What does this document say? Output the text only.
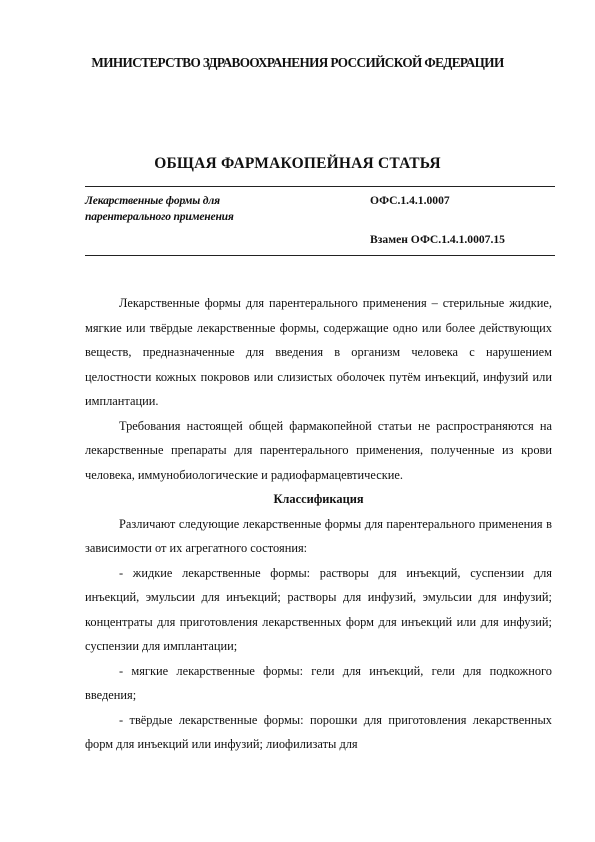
МИНИСТЕРСТВО ЗДРАВООХРАНЕНИЯ РОССИЙСКОЙ ФЕДЕРАЦИИ
ОБЩАЯ ФАРМАКОПЕЙНАЯ СТАТЬЯ
Лекарственные формы для
парентерального применения
ОФС.1.4.1.0007
Взамен ОФС.1.4.1.0007.15

Лекарственные формы для парентерального применения – стерильные жидкие, мягкие или твёрдые лекарственные формы, содержащие одно или более действующих веществ, предназначенные для введения в организм человека с нарушением целостности кожных покровов или слизистых оболочек путём инъекций, инфузий или имплантации.

Требования настоящей общей фармакопейной статьи не распространяются на лекарственные препараты для парентерального применения, полученные из крови человека, иммунобиологические и радиофармацевтические.

Классификация

Различают следующие лекарственные формы для парентерального применения в зависимости от их агрегатного состояния:

- жидкие лекарственные формы: растворы для инъекций, суспензии для инъекций, эмульсии для инъекций; растворы для инфузий, эмульсии для инфузий; концентраты для приготовления лекарственных форм для инъекций или для инфузий; суспензии для имплантации;

- мягкие лекарственные формы: гели для инъекций, гели для подкожного введения;

- твёрдые лекарственные формы: порошки для приготовления лекарственных форм для инъекций или инфузий; лиофилизаты для
